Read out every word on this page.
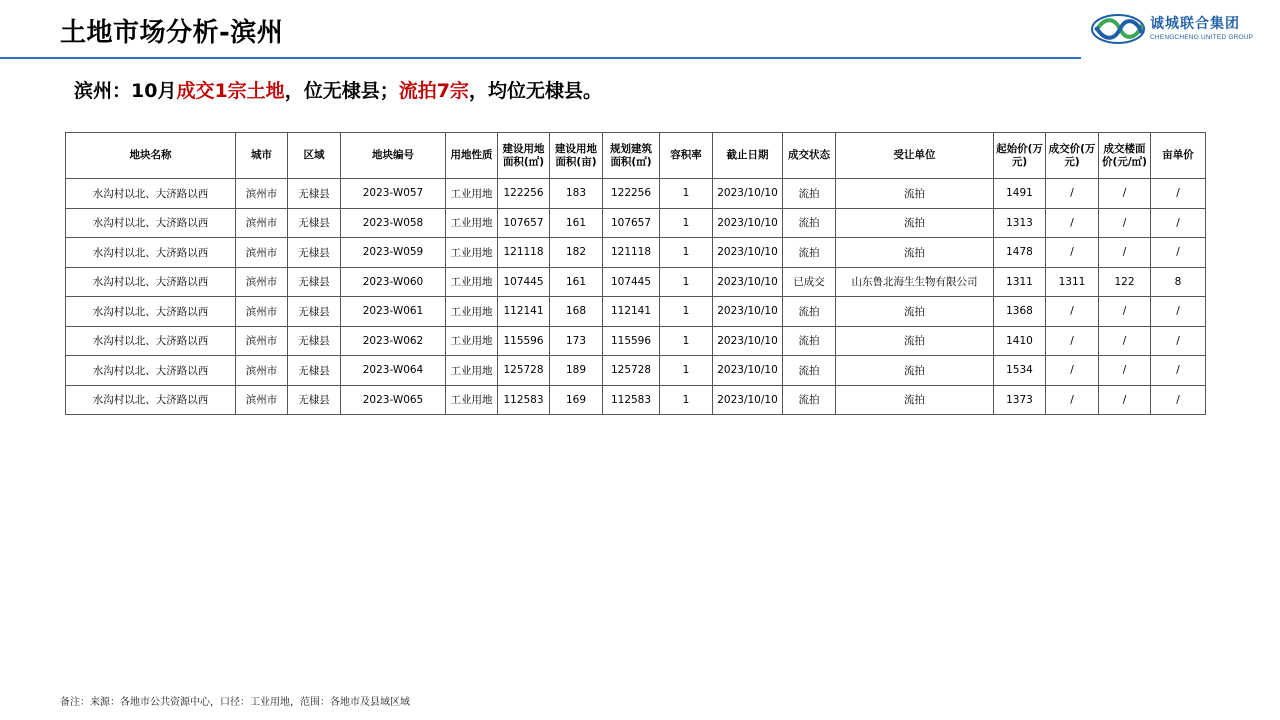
土地市场分析-滨州	诚城联合集团
CHENGCHENG UNITED GROUP
滨州：10月成交1宗土地，位无棣县；流拍7宗，均位无棣县。
地块名称	城市	区域	地块编号	用地性质	建设用地面积(㎡)	建设用地面积(亩)	规划建筑面积(㎡)	容积率	截止日期	成交状态	受让单位	起始价(万元)	成交价(万元)	成交楼面价(元/㎡)	亩单价
水沟村以北、大济路以西	滨州市	无棣县	2023-W057	工业用地	122256	183	122256	1	2023/10/10	流拍	流拍	1491	/	/	/
水沟村以北、大济路以西	滨州市	无棣县	2023-W058	工业用地	107657	161	107657	1	2023/10/10	流拍	流拍	1313	/	/	/
水沟村以北、大济路以西	滨州市	无棣县	2023-W059	工业用地	121118	182	121118	1	2023/10/10	流拍	流拍	1478	/	/	/
水沟村以北、大济路以西	滨州市	无棣县	2023-W060	工业用地	107445	161	107445	1	2023/10/10	已成交	山东鲁北海生生物有限公司	1311	1311	122	8
水沟村以北、大济路以西	滨州市	无棣县	2023-W061	工业用地	112141	168	112141	1	2023/10/10	流拍	流拍	1368	/	/	/
水沟村以北、大济路以西	滨州市	无棣县	2023-W062	工业用地	115596	173	115596	1	2023/10/10	流拍	流拍	1410	/	/	/
水沟村以北、大济路以西	滨州市	无棣县	2023-W064	工业用地	125728	189	125728	1	2023/10/10	流拍	流拍	1534	/	/	/
水沟村以北、大济路以西	滨州市	无棣县	2023-W065	工业用地	112583	169	112583	1	2023/10/10	流拍	流拍	1373	/	/	/
备注：来源：各地市公共资源中心，口径：工业用地，范围：各地市及县域区域
